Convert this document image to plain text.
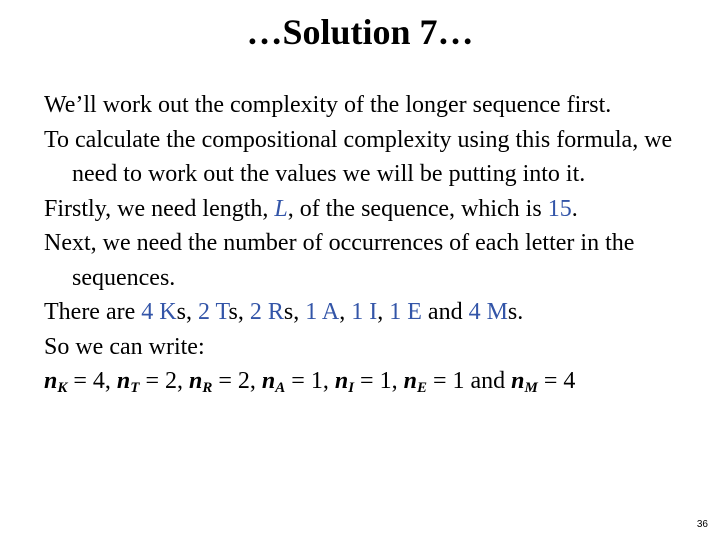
…Solution 7…

We’ll work out the complexity of the longer sequence first.

To calculate the compositional complexity using this formula, we need to work out the values we will be putting into it.

Firstly, we need length, L, of the sequence, which is 15.

Next, we need the number of occurrences of each letter in the sequences.

There are 4 Ks, 2 Ts, 2 Rs, 1 A, 1 I, 1 E and 4 Ms.

So we can write:

$n_K = 4$, $n_T = 2$, $n_R = 2$, $n_A = 1$, $n_I = 1$, $n_E = 1$ and $n_M = 4$

36
